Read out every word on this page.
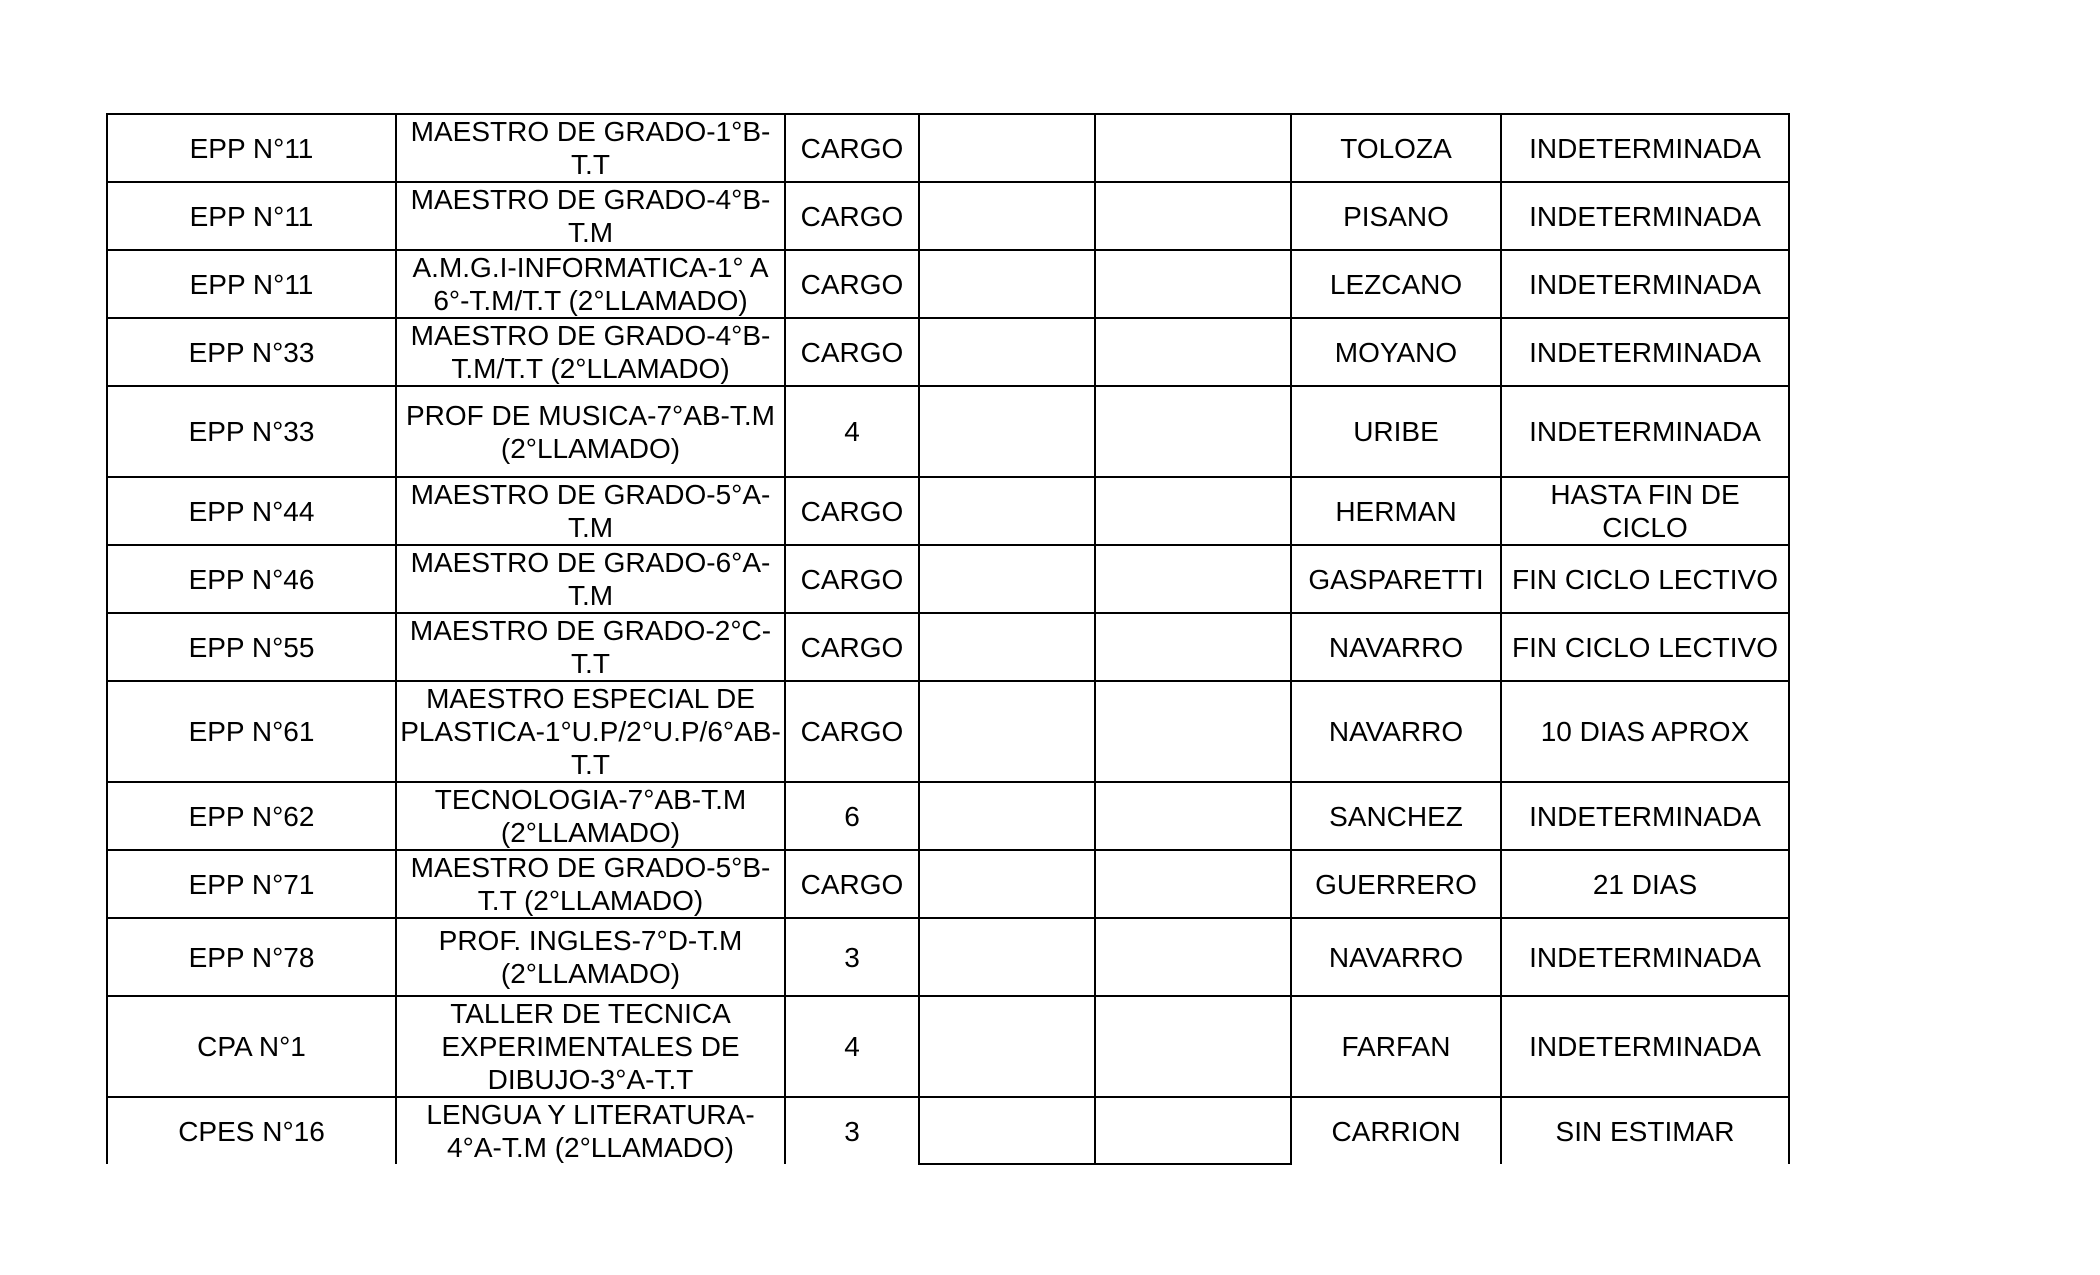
EPP N°11	MAESTRO DE GRADO-1°B-T.T	CARGO			TOLOZA	INDETERMINADA
EPP N°11	MAESTRO DE GRADO-4°B-T.M	CARGO			PISANO	INDETERMINADA
EPP N°11	A.M.G.I-INFORMATICA-1° A 6°-T.M/T.T (2°LLAMADO)	CARGO			LEZCANO	INDETERMINADA
EPP N°33	MAESTRO DE GRADO-4°B-T.M/T.T (2°LLAMADO)	CARGO			MOYANO	INDETERMINADA
EPP N°33	PROF DE MUSICA-7°AB-T.M (2°LLAMADO)	4			URIBE	INDETERMINADA
EPP N°44	MAESTRO DE GRADO-5°A-T.M	CARGO			HERMAN	HASTA FIN DE CICLO
EPP N°46	MAESTRO DE GRADO-6°A-T.M	CARGO			GASPARETTI	FIN CICLO LECTIVO
EPP N°55	MAESTRO DE GRADO-2°C-T.T	CARGO			NAVARRO	FIN CICLO LECTIVO
EPP N°61	MAESTRO ESPECIAL DE PLASTICA-1°U.P/2°U.P/6°AB-T.T	CARGO			NAVARRO	10 DIAS APROX
EPP N°62	TECNOLOGIA-7°AB-T.M (2°LLAMADO)	6			SANCHEZ	INDETERMINADA
EPP N°71	MAESTRO DE GRADO-5°B-T.T (2°LLAMADO)	CARGO			GUERRERO	21 DIAS
EPP N°78	PROF. INGLES-7°D-T.M (2°LLAMADO)	3			NAVARRO	INDETERMINADA
CPA N°1	TALLER DE TECNICA EXPERIMENTALES DE DIBUJO-3°A-T.T	4			FARFAN	INDETERMINADA
CPES N°16	LENGUA Y LITERATURA-4°A-T.M (2°LLAMADO)	3			CARRION	SIN ESTIMAR
